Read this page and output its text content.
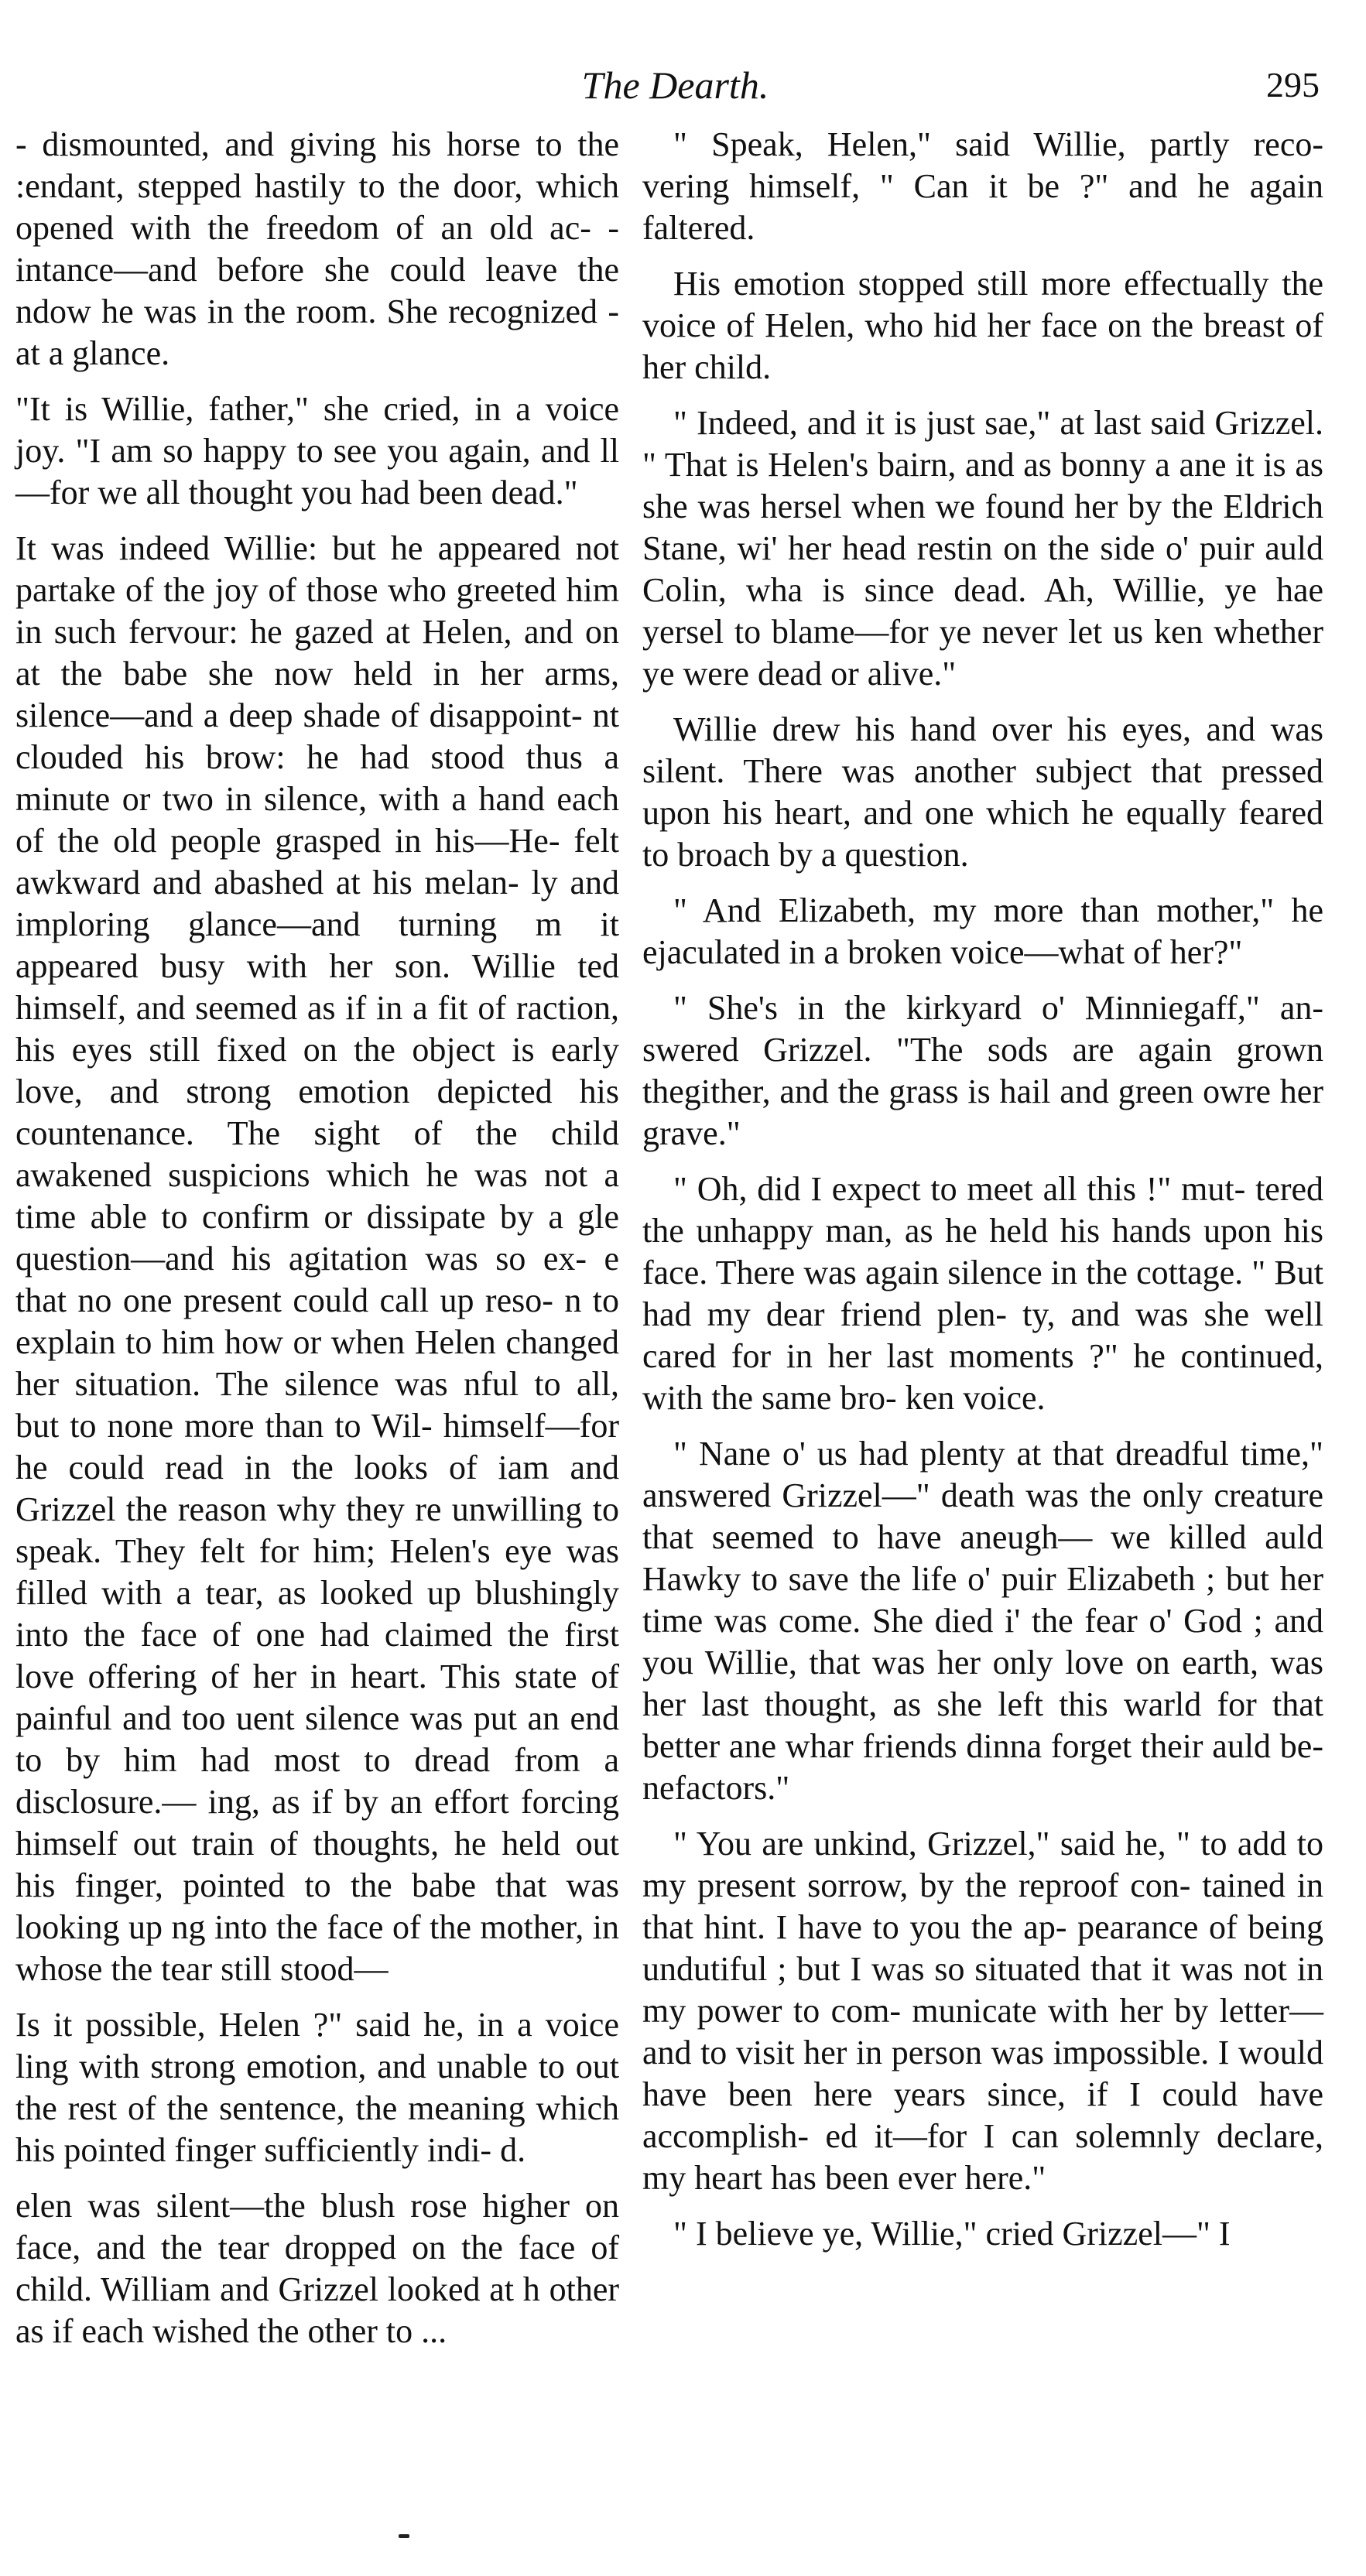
The Dearth.	295

- dismounted, and giving his horse to the :endant, stepped hastily to the door, which opened with the freedom of an old ac- -intance—and before she could leave the ndow he was in the room. She recognized - at a glance.

"It is Willie, father," she cried, in a voice joy. "I am so happy to see you again, and ll—for we all thought you had been dead."

It was indeed Willie: but he appeared not partake of the joy of those who greeted him in such fervour: he gazed at Helen, and on at the babe she now held in her arms, silence—and a deep shade of disappoint- nt clouded his brow: he had stood thus a minute or two in silence, with a hand each of the old people grasped in his—He- felt awkward and abashed at his melan- ly and imploring glance—and turning m it appeared busy with her son. Willie ted himself, and seemed as if in a fit of raction, his eyes still fixed on the object is early love, and strong emotion depicted his countenance. The sight of the child awakened suspicions which he was not a time able to confirm or dissipate by a gle question—and his agitation was so ex- e that no one present could call up reso- n to explain to him how or when Helen changed her situation. The silence was nful to all, but to none more than to Wil- himself—for he could read in the looks of iam and Grizzel the reason why they re unwilling to speak. They felt for him; Helen's eye was filled with a tear, as looked up blushingly into the face of one had claimed the first love offering of her in heart. This state of painful and too uent silence was put an end to by him had most to dread from a disclosure.— ing, as if by an effort forcing himself out train of thoughts, he held out his finger, pointed to the babe that was looking up ng into the face of the mother, in whose the tear still stood—

Is it possible, Helen ?" said he, in a voice ling with strong emotion, and unable to out the rest of the sentence, the meaning which his pointed finger sufficiently indi- d.

elen was silent—the blush rose higher on face, and the tear dropped on the face of child. William and Grizzel looked at h other as if each wished the other to ...

" Speak, Helen," said Willie, partly reco- vering himself, " Can it be ?" and he again faltered.

His emotion stopped still more effectually the voice of Helen, who hid her face on the breast of her child.

" Indeed, and it is just sae," at last said Grizzel. " That is Helen's bairn, and as bonny a ane it is as she was hersel when we found her by the Eldrich Stane, wi' her head restin on the side o' puir auld Colin, wha is since dead. Ah, Willie, ye hae yersel to blame—for ye never let us ken whether ye were dead or alive."

Willie drew his hand over his eyes, and was silent. There was another subject that pressed upon his heart, and one which he equally feared to broach by a question.

" And Elizabeth, my more than mother," he ejaculated in a broken voice—what of her?"

" She's in the kirkyard o' Minniegaff," an- swered Grizzel. "The sods are again grown thegither, and the grass is hail and green owre her grave."

" Oh, did I expect to meet all this !" mut- tered the unhappy man, as he held his hands upon his face. There was again silence in the cottage. " But had my dear friend plen- ty, and was she well cared for in her last moments ?" he continued, with the same bro- ken voice.

" Nane o' us had plenty at that dreadful time," answered Grizzel—" death was the only creature that seemed to have aneugh— we killed auld Hawky to save the life o' puir Elizabeth ; but her time was come. She died i' the fear o' God ; and you Willie, that was her only love on earth, was her last thought, as she left this warld for that better ane whar friends dinna forget their auld be- nefactors."

" You are unkind, Grizzel," said he, " to add to my present sorrow, by the reproof con- tained in that hint. I have to you the ap- pearance of being undutiful ; but I was so situated that it was not in my power to com- municate with her by letter—and to visit her in person was impossible. I would have been here years since, if I could have accomplish- ed it—for I can solemnly declare, my heart has been ever here."

" I believe ye, Willie," cried Grizzel—" I
